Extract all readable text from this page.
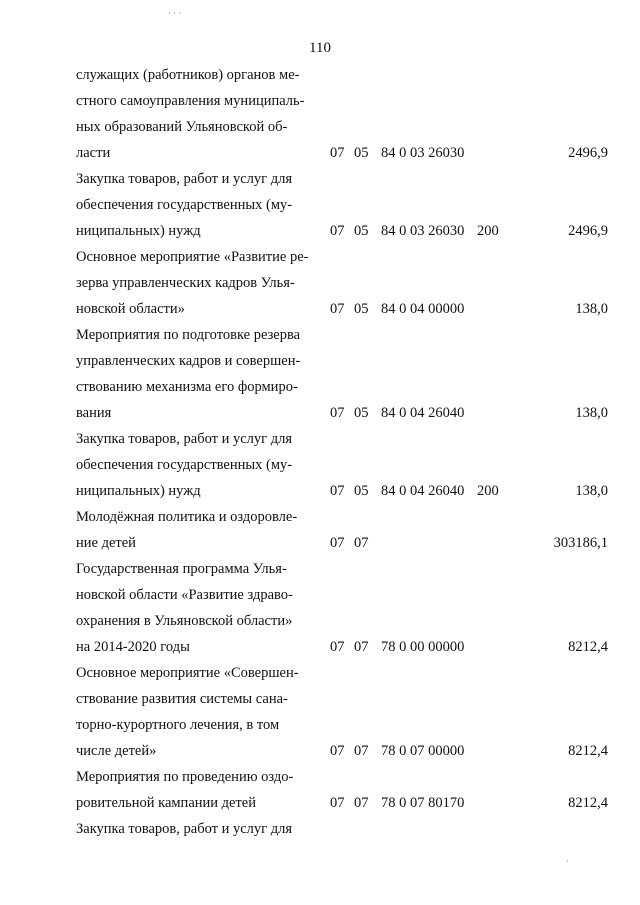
· · ·
·
110
служащих (работников) органов ме-
стного самоуправления муниципаль-
ных образований Ульяновской об-
ласти	07 05 84 0 03 26030	2496,9
Закупка товаров, работ и услуг для
обеспечения государственных (му-
ниципальных) нужд	07 05 84 0 03 26030 200	2496,9
Основное мероприятие «Развитие ре-
зерва управленческих кадров Улья-
новской области»	07 05 84 0 04 00000	138,0
Мероприятия по подготовке резерва
управленческих кадров и совершен-
ствованию механизма его формиро-
вания	07 05 84 0 04 26040	138,0
Закупка товаров, работ и услуг для
обеспечения государственных (му-
ниципальных) нужд	07 05 84 0 04 26040 200	138,0
Молодёжная политика и оздоровле-
ние детей	07 07	303186,1
Государственная программа Улья-
новской области «Развитие здраво-
охранения в Ульяновской области»
на 2014-2020 годы	07 07 78 0 00 00000	8212,4
Основное мероприятие «Совершен-
ствование развития системы сана-
торно-курортного лечения, в том
числе детей»	07 07 78 0 07 00000	8212,4
Мероприятия по проведению оздо-
ровительной кампании детей	07 07 78 0 07 80170	8212,4
Закупка товаров, работ и услуг для
